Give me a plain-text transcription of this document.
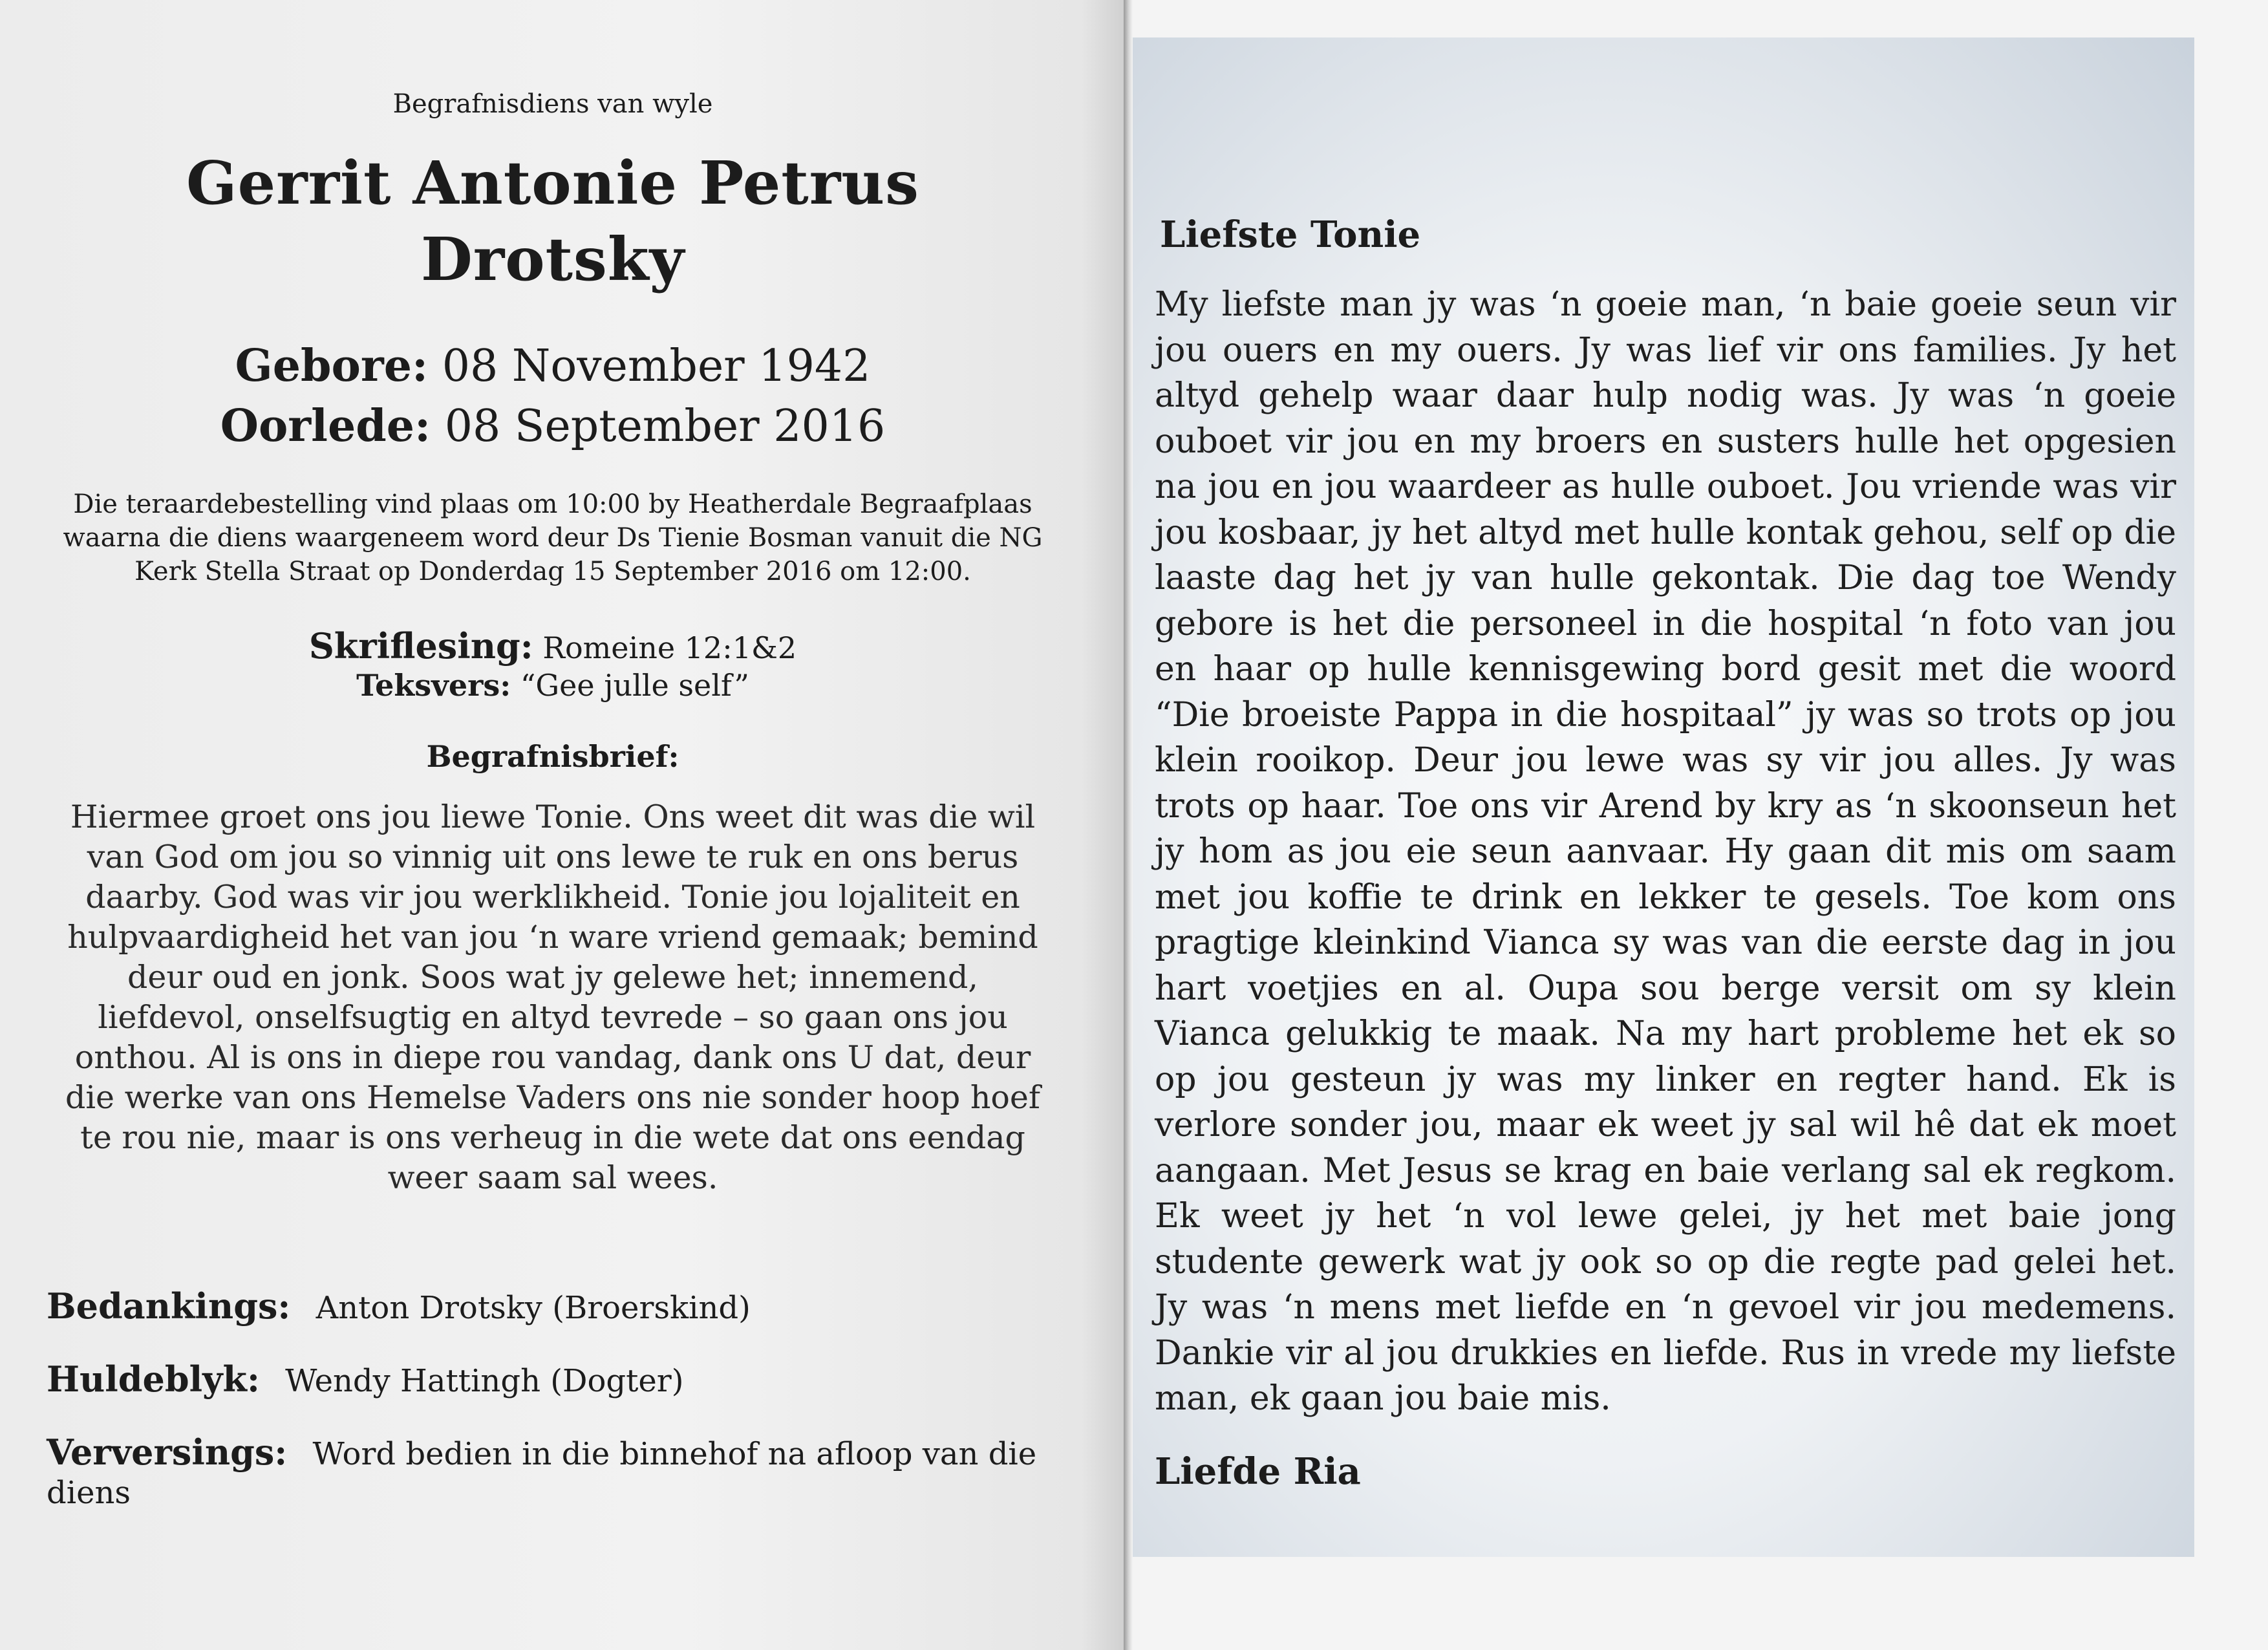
Begrafnisdiens van wyle
Gerrit Antonie Petrus
Drotsky
Gebore: 08 November 1942
Oorlede: 08 September 2016
Die teraardebestelling vind plaas om 10:00 by Heatherdale Begraafplaas waarna die diens waargeneem word deur Ds Tienie Bosman vanuit die NG Kerk Stella Straat op Donderdag 15 September 2016 om 12:00.
Skriflesing: Romeine 12:1&2
Teksvers: “Gee julle self”
Begrafnisbrief:
Hiermee groet ons jou liewe Tonie. Ons weet dit was die wil van God om jou so vinnig uit ons lewe te ruk en ons berus daarby. God was vir jou werklikheid. Tonie jou lojaliteit en hulpvaardigheid het van jou ‘n ware vriend gemaak; bemind deur oud en jonk. Soos wat jy gelewe het; innemend, liefdevol, onselfsugtig en altyd tevrede – so gaan ons jou onthou. Al is ons in diepe rou vandag, dank ons U dat, deur die werke van ons Hemelse Vaders ons nie sonder hoop hoef te rou nie, maar is ons verheug in die wete dat ons eendag weer saam sal wees.
Bedankings: Anton Drotsky (Broerskind)
Huldeblyk: Wendy Hattingh (Dogter)
Verversings: Word bedien in die binnehof na afloop van die diens
Liefste Tonie
My liefste man jy was ‘n goeie man, ‘n baie goeie seun vir jou ouers en my ouers. Jy was lief vir ons families. Jy het altyd gehelp waar daar hulp nodig was. Jy was ‘n goeie ouboet vir jou en my broers en susters hulle het opgesien na jou en jou waardeer as hulle ouboet. Jou vriende was vir jou kosbaar, jy het altyd met hulle kontak gehou, self op die laaste dag het jy van hulle gekontak. Die dag toe Wendy gebore is het die personeel in die hospital ‘n foto van jou en haar op hulle kennisgewing bord gesit met die woord “Die broeiste Pappa in die hospitaal” jy was so trots op jou klein rooikop. Deur jou lewe was sy vir jou alles. Jy was trots op haar. Toe ons vir Arend by kry as ‘n skoonseun het jy hom as jou eie seun aanvaar. Hy gaan dit mis om saam met jou koffie te drink en lekker te gesels. Toe kom ons pragtige kleinkind Vianca sy was van die eerste dag in jou hart voetjies en al. Oupa sou berge versit om sy klein Vianca gelukkig te maak. Na my hart probleme het ek so op jou gesteun jy was my linker en regter hand. Ek is verlore sonder jou, maar ek weet jy sal wil hê dat ek moet aangaan. Met Jesus se krag en baie verlang sal ek regkom. Ek weet jy het ‘n vol lewe gelei, jy het met baie jong studente gewerk wat jy ook so op die regte pad gelei het. Jy was ‘n mens met liefde en ‘n gevoel vir jou medemens. Dankie vir al jou drukkies en liefde. Rus in vrede my liefste man, ek gaan jou baie mis.
Liefde Ria
